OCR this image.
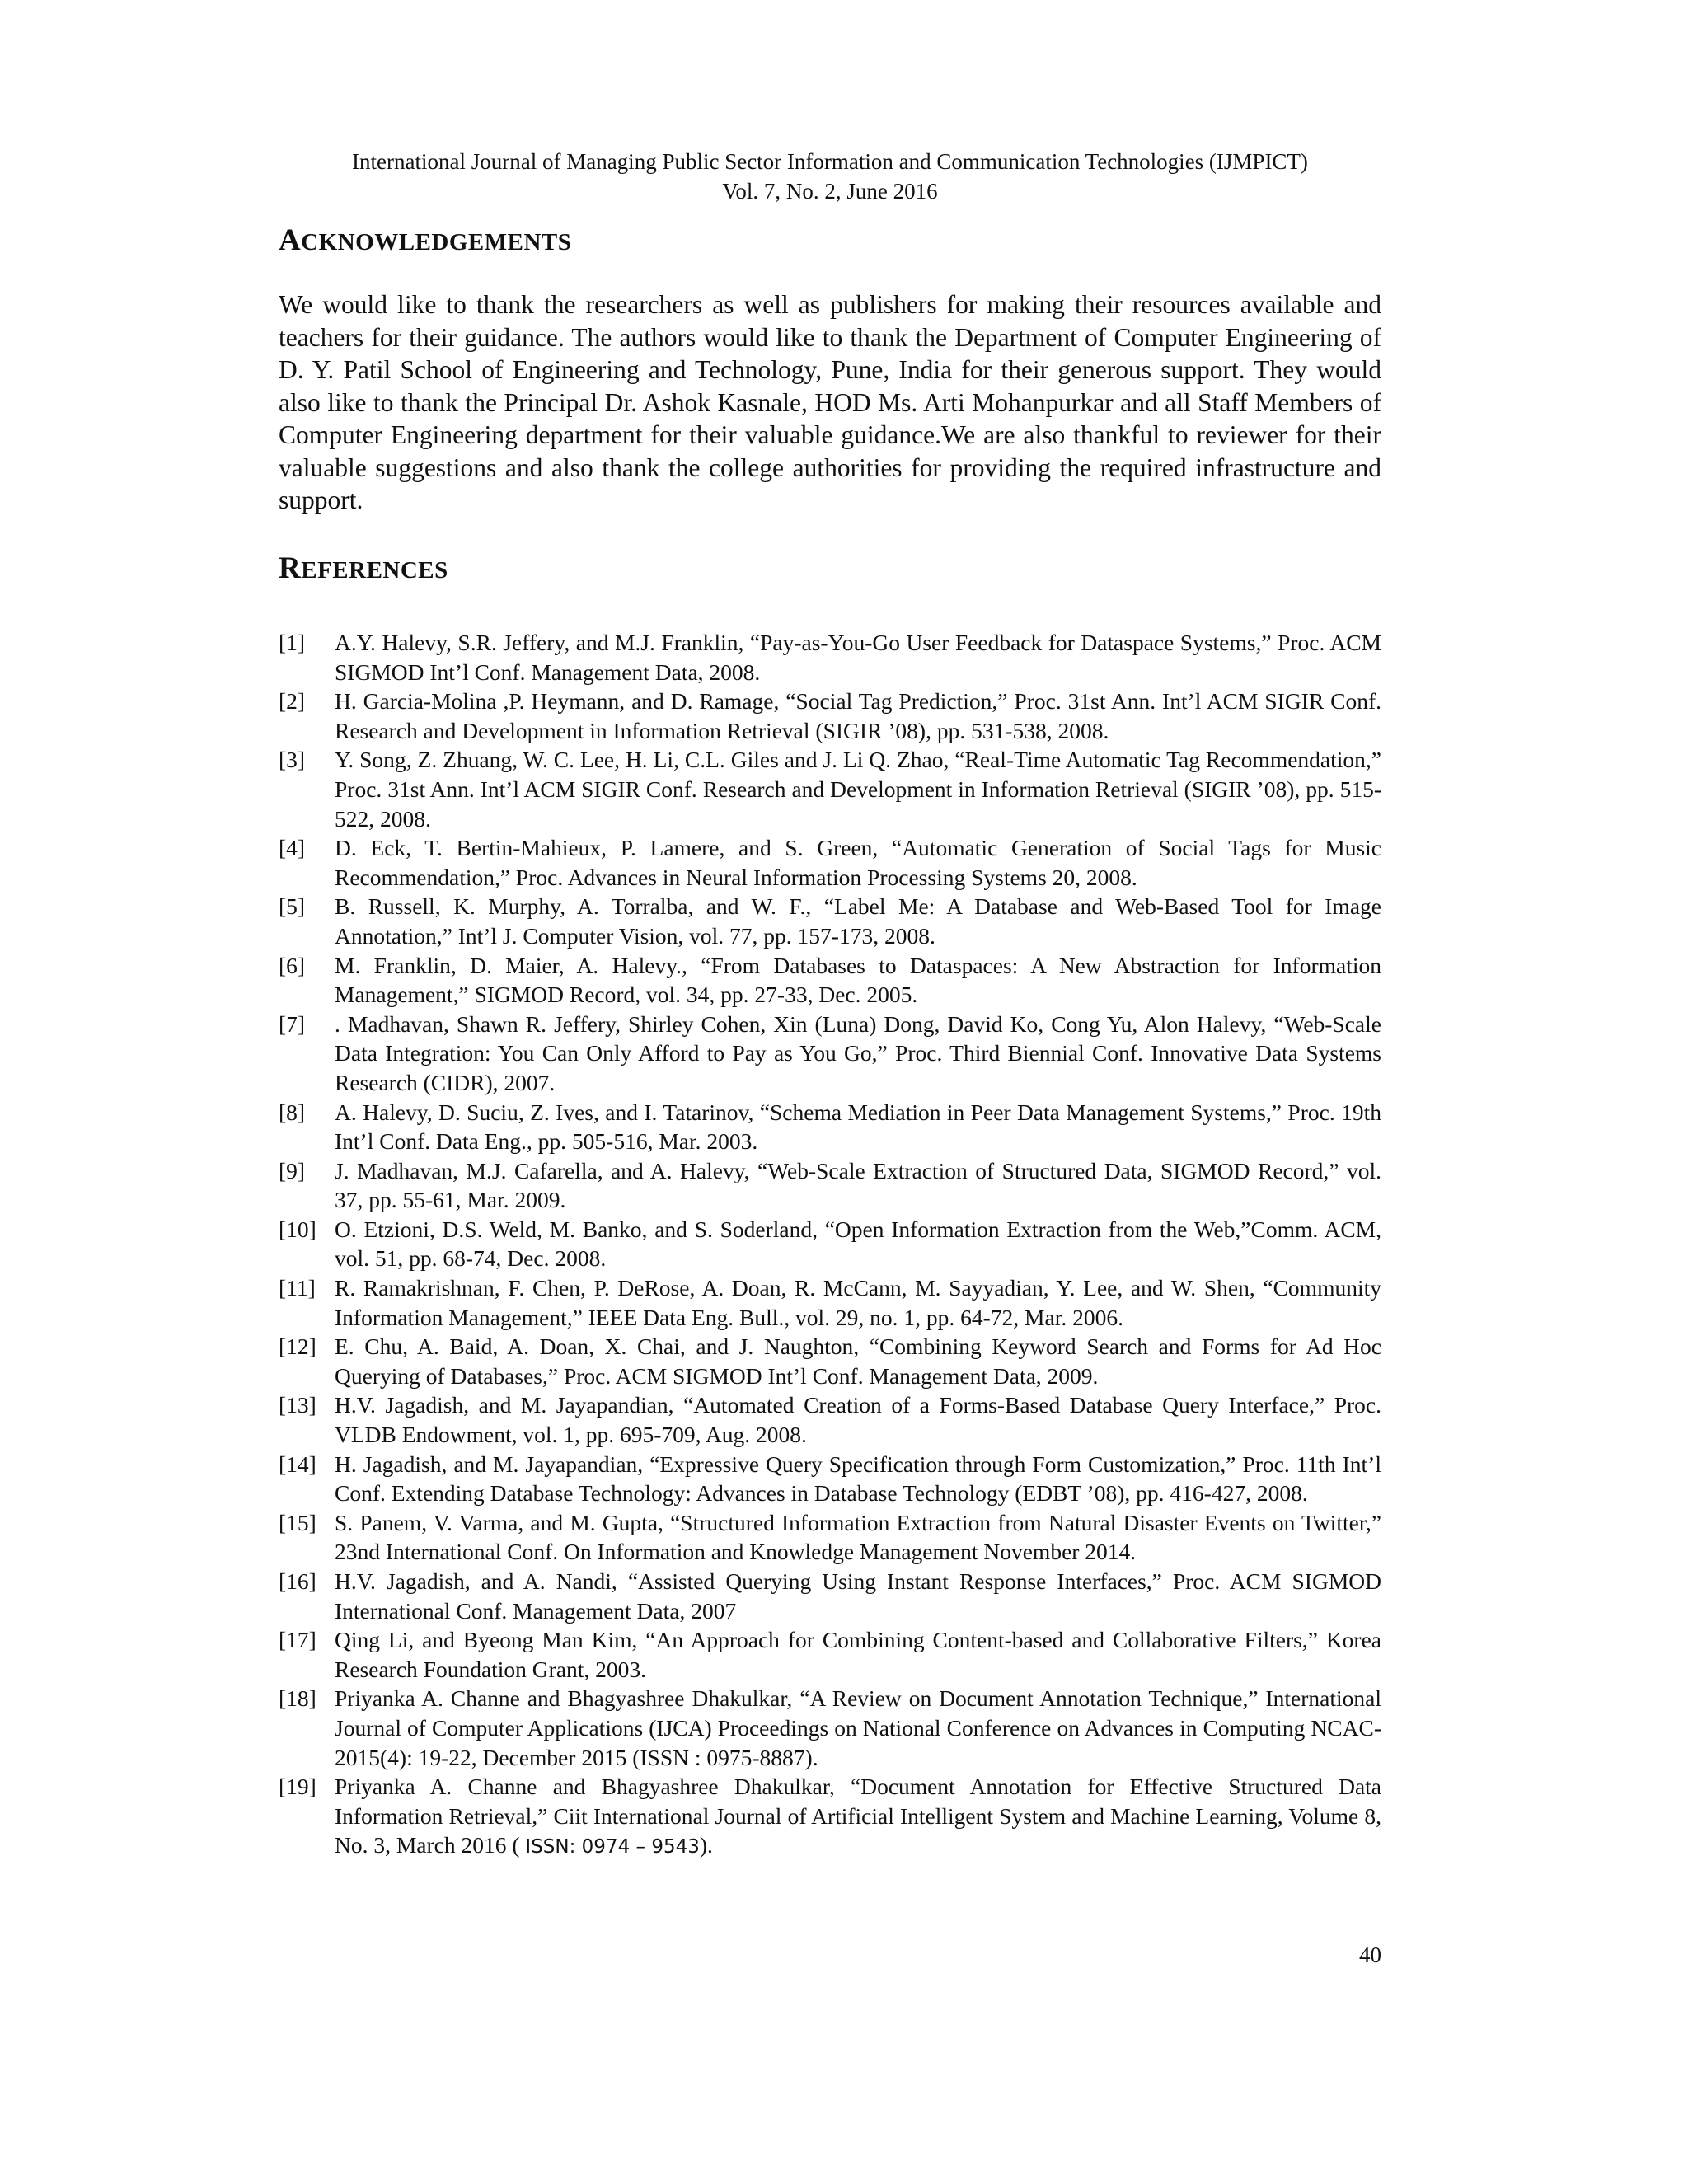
International Journal of Managing Public Sector Information and Communication Technologies (IJMPICT)
Vol. 7, No. 2, June 2016
ACKNOWLEDGEMENTS

We would like to thank the researchers as well as publishers for making their resources available and teachers for their guidance. The authors would like to thank the Department of Computer Engineering of D. Y. Patil School of Engineering and Technology, Pune, India for their generous support. They would also like to thank the Principal Dr. Ashok Kasnale, HOD Ms. Arti Mohanpurkar and all Staff Members of Computer Engineering department for their valuable guidance.We are also thankful to reviewer for their valuable suggestions and also thank the college authorities for providing the required infrastructure and support.

REFERENCES
[1]	A.Y. Halevy, S.R. Jeffery, and M.J. Franklin, “Pay-as-You-Go User Feedback for Dataspace Systems,” Proc. ACM SIGMOD Int’l Conf. Management Data, 2008.
[2]	H. Garcia-Molina ,P. Heymann, and D. Ramage, “Social Tag Prediction,” Proc. 31st Ann. Int’l ACM SIGIR Conf. Research and Development in Information Retrieval (SIGIR ’08), pp. 531-538, 2008.
[3]	Y. Song, Z. Zhuang, W. C. Lee, H. Li, C.L. Giles and J. Li Q. Zhao, “Real-Time Automatic Tag Recommendation,” Proc. 31st Ann. Int’l ACM SIGIR Conf. Research and Development in Information Retrieval (SIGIR ’08), pp. 515-522, 2008.
[4]	D. Eck, T. Bertin-Mahieux, P. Lamere, and S. Green, “Automatic Generation of Social Tags for Music Recommendation,” Proc. Advances in Neural Information Processing Systems 20, 2008.
[5]	B. Russell, K. Murphy, A. Torralba, and W. F., “Label Me: A Database and Web-Based Tool for Image Annotation,” Int’l J. Computer Vision, vol. 77, pp. 157-173, 2008.
[6]	M. Franklin, D. Maier, A. Halevy., “From Databases to Dataspaces: A New Abstraction for Information Management,” SIGMOD Record, vol. 34, pp. 27-33, Dec. 2005.
[7]	. Madhavan, Shawn R. Jeffery, Shirley Cohen, Xin (Luna) Dong, David Ko, Cong Yu, Alon Halevy, “Web-Scale Data Integration: You Can Only Afford to Pay as You Go,” Proc. Third Biennial Conf. Innovative Data Systems Research (CIDR), 2007.
[8]	A. Halevy, D. Suciu, Z. Ives, and I. Tatarinov, “Schema Mediation in Peer Data Management Systems,” Proc. 19th Int’l Conf. Data Eng., pp. 505-516, Mar. 2003.
[9]	J. Madhavan, M.J. Cafarella, and A. Halevy, “Web-Scale Extraction of Structured Data, SIGMOD Record,” vol. 37, pp. 55-61, Mar. 2009.
[10] O. Etzioni, D.S. Weld, M. Banko, and S. Soderland, “Open Information Extraction from the Web,”Comm. ACM, vol. 51, pp. 68-74, Dec. 2008.
[11] R. Ramakrishnan, F. Chen, P. DeRose, A. Doan, R. McCann, M. Sayyadian, Y. Lee, and W. Shen, “Community Information Management,” IEEE Data Eng. Bull., vol. 29, no. 1, pp. 64-72, Mar. 2006.
[12] E. Chu, A. Baid, A. Doan, X. Chai, and J. Naughton, “Combining Keyword Search and Forms for Ad Hoc Querying of Databases,” Proc. ACM SIGMOD Int’l Conf. Management Data, 2009.
[13] H.V. Jagadish, and M. Jayapandian, “Automated Creation of a Forms-Based Database Query Interface,” Proc. VLDB Endowment, vol. 1, pp. 695-709, Aug. 2008.
[14] H. Jagadish, and M. Jayapandian, “Expressive Query Specification through Form Customization,” Proc. 11th Int’l Conf. Extending Database Technology: Advances in Database Technology (EDBT ’08), pp. 416-427, 2008.
[15] S. Panem, V. Varma, and M. Gupta, “Structured Information Extraction from Natural Disaster Events on Twitter,” 23nd International Conf. On Information and Knowledge Management November 2014.
[16] H.V. Jagadish, and A. Nandi, “Assisted Querying Using Instant Response Interfaces,” Proc. ACM SIGMOD International Conf. Management Data, 2007
[17] Qing Li, and Byeong Man Kim, “An Approach for Combining Content-based and Collaborative Filters,” Korea Research Foundation Grant, 2003.
[18] Priyanka A. Channe and Bhagyashree Dhakulkar, “A Review on Document Annotation Technique,” International Journal of Computer Applications (IJCA) Proceedings on National Conference on Advances in Computing NCAC-2015(4): 19-22, December 2015 (ISSN : 0975-8887).
[19] Priyanka A. Channe and Bhagyashree Dhakulkar, “Document Annotation for Effective Structured Data Information Retrieval,” Ciit International Journal of Artificial Intelligent System and Machine Learning, Volume 8, No. 3, March 2016 ( ISSN: 0974 – 9543).
40
